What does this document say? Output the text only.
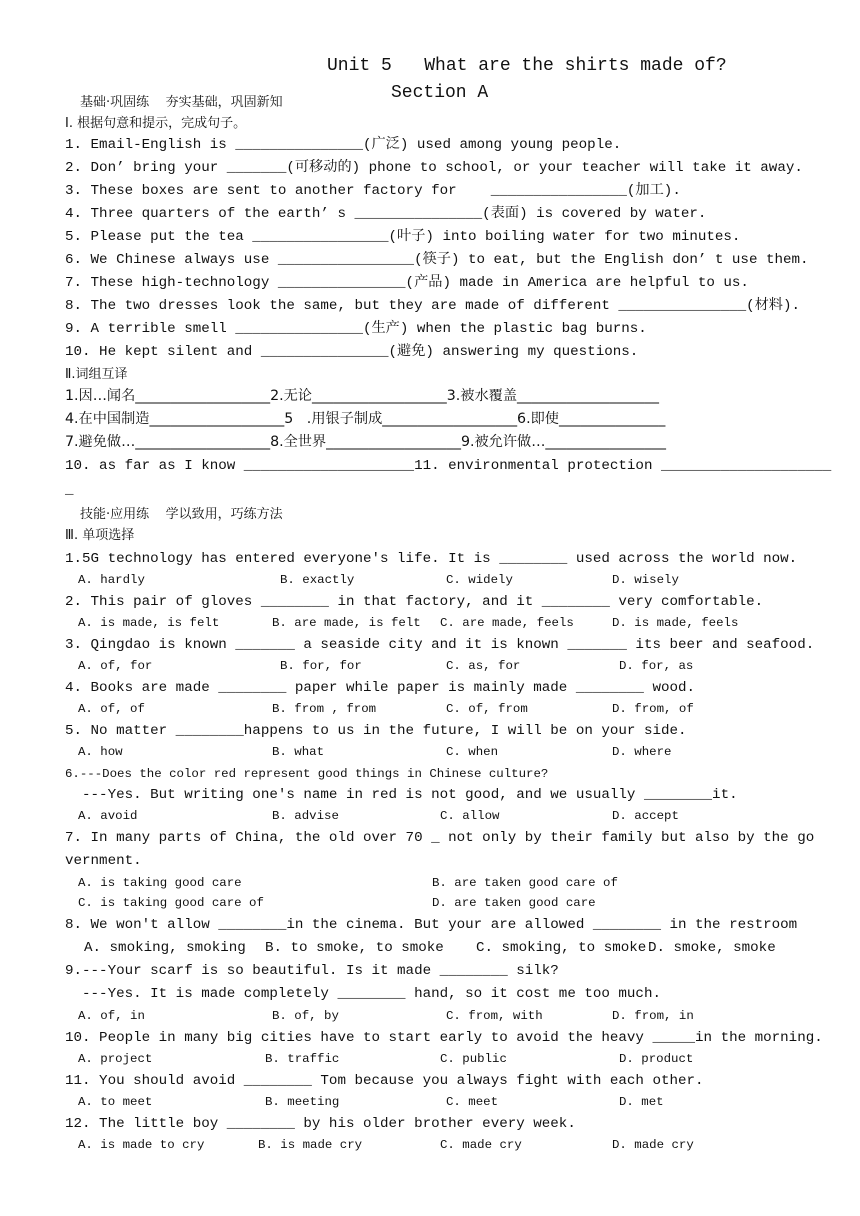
Unit 5   What are the shirts made of?
Section A
基础·巩固练    夯实基础，巩固新知
Ⅰ. 根据句意和提示，完成句子。
1. Email-English is _______________(广泛) used among young people.
2. Don’ bring your _______(可移动的) phone to school, or your teacher will take it away.
3. These boxes are sent to another factory for    ________________(加工).
4. Three quarters of the earth’ s _______________(表面) is covered by water.
5. Please put the tea ________________(叶子) into boiling water for two minutes.
6. We Chinese always use ________________(筷子) to eat, but the English don’ t use them.
7. These high-technology _______________(产品) made in America are helpful to us.
8. The two dresses look the same, but they are made of different _______________(材料).
9. A terrible smell _______________(生产) when the plastic bag burns.
10. He kept silent and _______________(避免) answering my questions.
Ⅱ.词组互译
1.因…闻名___________________2.无论___________________3.被水覆盖____________________
4.在中国制造___________________5   .用银子制成___________________6.即使_______________
7.避免做…___________________8.全世界___________________9.被允许做…_________________
10. as far as I know ____________________11. environmental protection ____________________
_
技能·应用练    学以致用，巧练方法
Ⅲ. 单项选择
1.5G technology has entered everyone's life. It is ________ used across the world now.
A. hardly	B. exactly	C. widely	D. wisely
2. This pair of gloves ________ in that factory, and it ________ very comfortable.
A. is made, is felt	B. are made, is felt C. are made, feels	D. is made, feels
3. Qingdao is known _______ a seaside city and it is known _______ its beer and seafood.
A. of, for	B. for, for	C. as, for	D. for, as
4. Books are made ________ paper while paper is mainly made ________ wood.
A. of, of	B. from , from	C. of, from	D. from, of
5. No matter ________happens to us in the future, I will be on your side.
A. how	B. what	C. when	D. where
6.---Does the color red represent good things in Chinese culture?
---Yes. But writing one's name in red is not good, and we usually ________it.
A. avoid	B. advise	C. allow	D. accept
7. In many parts of China, the old over 70 _ not only by their family but also by the go
vernment.
A. is taking good care	B. are taken good care of
C. is taking good care of	D. are taken good care
8. We won't allow ________in the cinema. But your are allowed ________ in the restroom
A. smoking, smoking B. to smoke, to smoke C. smoking, to smoke D. smoke, smoke
9.---Your scarf is so beautiful. Is it made ________ silk?
---Yes. It is made completely ________ hand, so it cost me too much.
A. of, in	B. of, by	C. from, with	D. from, in
10. People in many big cities have to start early to avoid the heavy _____in the morning.
A. project	B. traffic	C. public	D. product
11. You should avoid ________ Tom because you always fight with each other.
A. to meet	B. meeting	C. meet	D. met
12. The little boy ________ by his older brother every week.
A. is made to cry	B. is made cry	C. made cry	D. made cry
